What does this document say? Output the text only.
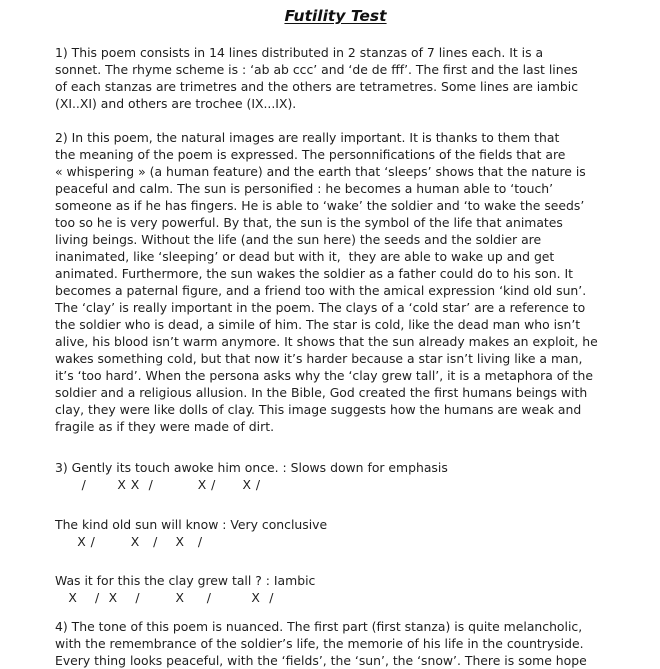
Futility Test
1) This poem consists in 14 lines distributed in 2 stanzas of 7 lines each. It is a
sonnet. The rhyme scheme is : ‘ab ab ccc’ and ‘de de fff’. The first and the last lines
of each stanzas are trimetres and the others are tetrametres. Some lines are iambic
(XI..XI) and others are trochee (IX...IX).
2) In this poem, the natural images are really important. It is thanks to them that
the meaning of the poem is expressed. The personnifications of the fields that are
« whispering » (a human feature) and the earth that ‘sleeps’ shows that the nature is
peaceful and calm. The sun is personified : he becomes a human able to ‘touch’
someone as if he has fingers. He is able to ‘wake’ the soldier and ‘to wake the seeds’
too so he is very powerful. By that, the sun is the symbol of the life that animates
living beings. Without the life (and the sun here) the seeds and the soldier are
inanimated, like ‘sleeping’ or dead but with it,  they are able to wake up and get
animated. Furthermore, the sun wakes the soldier as a father could do to his son. It
becomes a paternal figure, and a friend too with the amical expression ‘kind old sun’.
The ‘clay’ is really important in the poem. The clays of a ‘cold star’ are a reference to
the soldier who is dead, a simile of him. The star is cold, like the dead man who isn’t
alive, his blood isn’t warm anymore. It shows that the sun already makes an exploit, he
wakes something cold, but that now it’s harder because a star isn’t living like a man,
it’s ‘too hard’. When the persona asks why the ‘clay grew tall’, it is a metaphora of the
soldier and a religious allusion. In the Bible, God created the first humans beings with
clay, they were like dolls of clay. This image suggests how the humans are weak and
fragile as if they were made of dirt.
3) Gently its touch awoke him once. : Slows down for emphasis
/       X X  /          X /      X /
The kind old sun will know : Very conclusive
X /        X   /    X   /
Was it for this the clay grew tall ? : Iambic
X    /  X    /        X     /         X  /
4) The tone of this poem is nuanced. The first part (first stanza) is quite melancholic,
with the remembrance of the soldier’s life, the memorie of his life in the countryside.
Every thing looks peaceful, with the ‘fields’, the ‘sun’, the ‘snow’. There is some hope
